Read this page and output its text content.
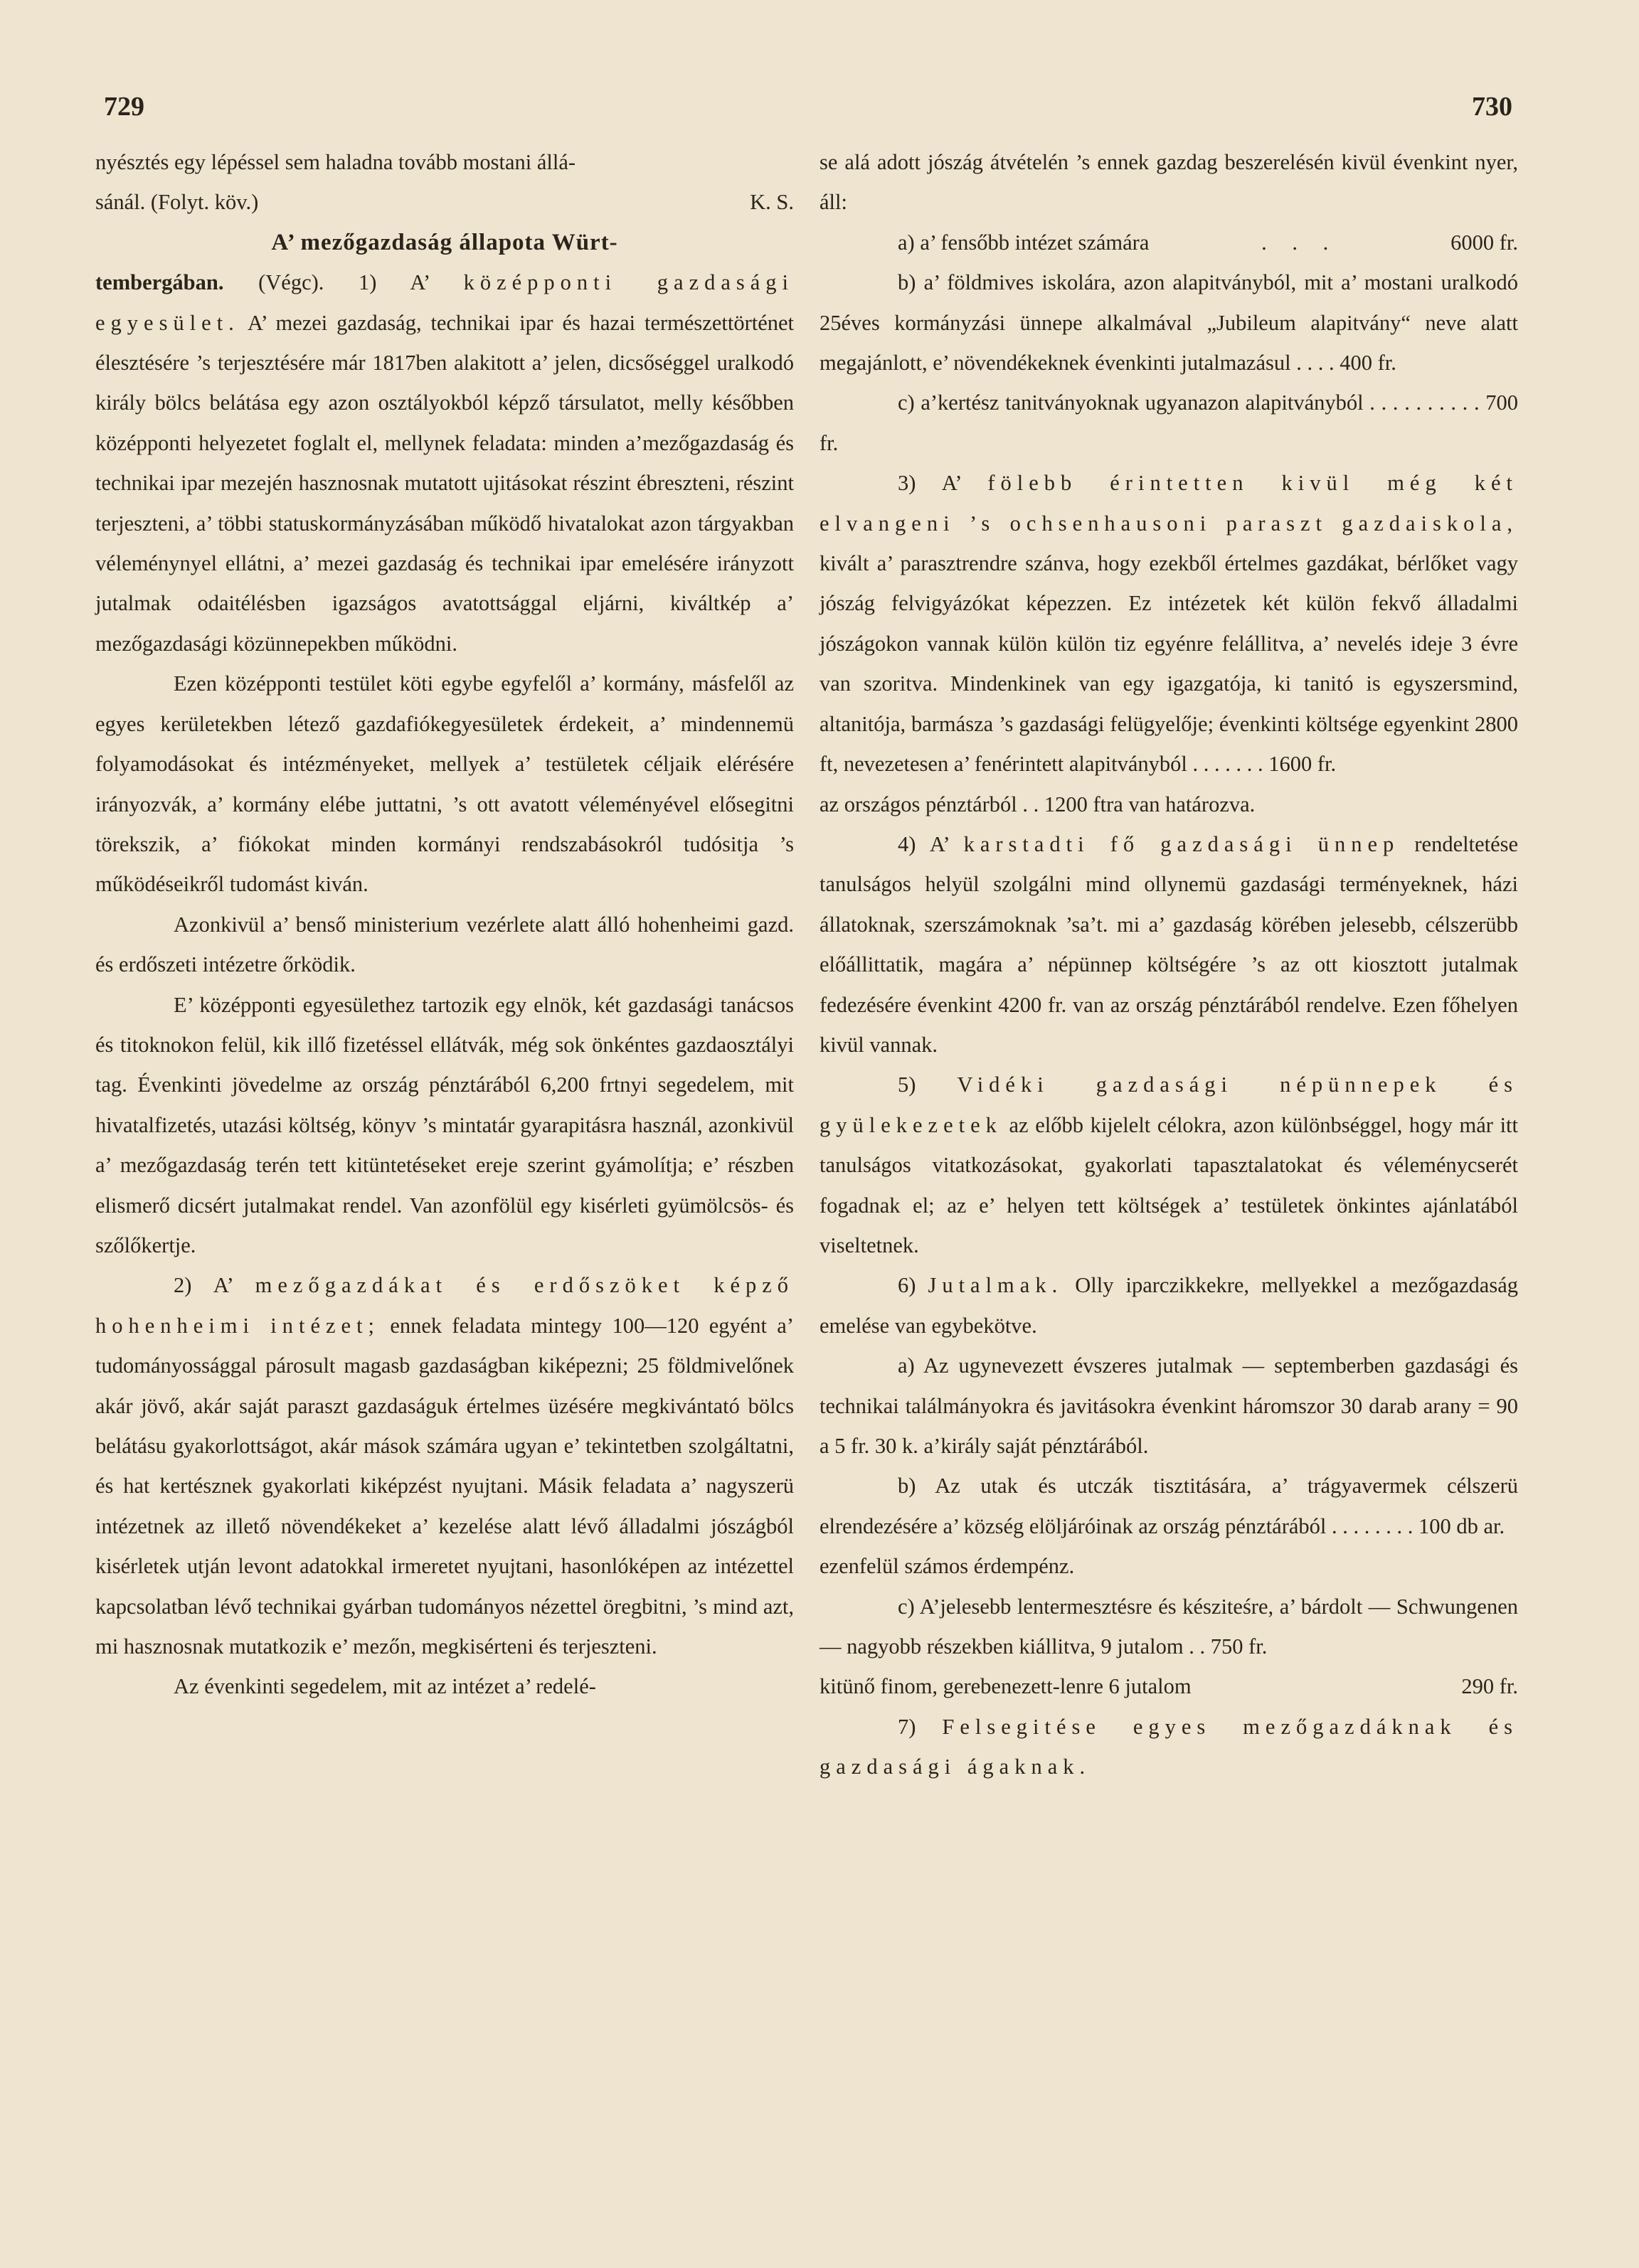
729	730

nyésztés egy lépéssel sem haladna tovább mostani állá-

sánál. (Folyt. köv.)	K. S.

A’ mezőgazdaság állapota Würt-

tembergában. (Végc). 1) A’ középponti gazdasági egyesület. A’ mezei gazdaság, technikai ipar és hazai természettörténet élesztésére ’s terjesztésére már 1817ben alakitott a’ jelen, dicsőséggel uralkodó király bölcs belátása egy azon osztályokból képző társulatot, melly későbben középponti helyezetet foglalt el, mellynek feladata: minden a’mezőgazdaság és technikai ipar mezején hasznosnak mutatott ujitásokat részint ébreszteni, részint terjeszteni, a’ többi statuskormányzásában működő hivatalokat azon tárgyakban véleménynyel ellátni, a’ mezei gazdaság és technikai ipar emelésére irányzott jutalmak odaitélésben igazságos avatottsággal eljárni, kiváltkép a’ mezőgazdasági közünnepekben működni.

Ezen középponti testület köti egybe egyfelől a’ kormány, másfelől az egyes kerületekben létező gazdafiókegyesületek érdekeit, a’ mindennemü folyamodásokat és intézményeket, mellyek a’ testületek céljaik elérésére irányozvák, a’ kormány elébe juttatni, ’s ott avatott véleményével elősegitni törekszik, a’ fiókokat minden kormányi rendszabásokról tudósitja ’s működéseikről tudomást kiván.

Azonkivül a’ benső ministerium vezérlete alatt álló hohenheimi gazd. és erdőszeti intézetre őrködik.

E’ középponti egyesülethez tartozik egy elnök, két gazdasági tanácsos és titoknokon felül, kik illő fizetéssel ellátvák, még sok önkéntes gazdaosztályi tag. Évenkinti jövedelme az ország pénztárából 6,200 frtnyi segedelem, mit hivatalfizetés, utazási költség, könyv ’s mintatár gyarapitásra használ, azonkivül a’ mezőgazdaság terén tett kitüntetéseket ereje szerint gyámolítja; e’ részben elismerő dicsért jutalmakat rendel. Van azonfölül egy kisérleti gyümölcsös- és szőlőkertje.

2) A’ mezőgazdákat és erdőszöket képző hohenheimi intézet; ennek feladata mintegy 100—120 egyént a’ tudományossággal párosult magasb gazdaságban kiképezni; 25 földmivelőnek akár jövő, akár saját paraszt gazdaságuk értelmes üzésére megkivántató bölcs belátásu gyakorlottságot, akár mások számára ugyan e’ tekintetben szolgáltatni, és hat kertésznek gyakorlati kiképzést nyujtani. Másik feladata a’ nagyszerü intézetnek az illető növendékeket a’ kezelése alatt lévő álladalmi jószágból kisérletek utján levont adatokkal irmeretet nyujtani, hasonlóképen az intézettel kapcsolatban lévő technikai gyárban tudományos nézettel öregbitni, ’s mind azt, mi hasznosnak mutatkozik e’ mezőn, megkisérteni és terjeszteni.

Az évenkinti segedelem, mit az intézet a’ redelé-

se alá adott jószág átvételén ’s ennek gazdag beszerelésén kivül évenkint nyer, áll:

a) a’ fensőbb intézet számára	. . .	6000 fr.

b) a’ földmives iskolára, azon alapitványból, mit a’ mostani uralkodó 25éves kormányzási ünnepe alkalmával „Jubileum alapitvány“ neve alatt megajánlott, e’ növendékeknek évenkinti jutalmazásul . . . . 400 fr.

c) a’kertész tanitványoknak ugyanazon alapitványból . . . . . . . . . . 700 fr.

3) A’ fölebb érintetten kivül még két elvangeni ’s ochsenhausoni paraszt gazdaiskola, kivált a’ parasztrendre szánva, hogy ezekből értelmes gazdákat, bérlőket vagy jószág felvigyázókat képezzen. Ez intézetek két külön fekvő álladalmi jószágokon vannak külön külön tiz egyénre felállitva, a’ nevelés ideje 3 évre van szoritva. Mindenkinek van egy igazgatója, ki tanitó is egyszersmind, altanitója, barmásza ’s gazdasági felügyelője; évenkinti költsége egyenkint 2800 ft, nevezetesen a’ fenérintett alapitványból . . . . . . . 1600 fr.

az országos pénztárból . . 1200 ftra van határozva.

4) A’ karstadti fő gazdasági ünnep rendeltetése tanulságos helyül szolgálni mind ollynemü gazdasági terményeknek, házi állatoknak, szerszámoknak ’sa’t. mi a’ gazdaság körében jelesebb, célszerübb előállittatik, magára a’ népünnep költségére ’s az ott kiosztott jutalmak fedezésére évenkint 4200 fr. van az ország pénztárából rendelve. Ezen főhelyen kivül vannak.

5) Vidéki gazdasági népünnepek és gyülekezetek az előbb kijelelt célokra, azon különbséggel, hogy már itt tanulságos vitatkozásokat, gyakorlati tapasztalatokat és véleménycserét fogadnak el; az e’ helyen tett költségek a’ testületek önkintes ajánlatából viseltetnek.

6) Jutalmak. Olly iparczikkekre, mellyekkel a mezőgazdaság emelése van egybekötve.

a) Az ugynevezett évszeres jutalmak — septemberben gazdasági és technikai találmányokra és javitásokra évenkint háromszor 30 darab arany = 90 a 5 fr. 30 k. a’király saját pénztárából.

b) Az utak és utczák tisztitására, a’ trágyavermek célszerü elrendezésére a’ község elöljáróinak az ország pénztárából . . . . . . . . 100 db ar.

ezenfelül számos érdempénz.

c) A’jelesebb lentermesztésre és késziteśre, a’ bárdolt — Schwungenen— nagyobb részekben kiállitva, 9 jutalom . . 750 fr.

kitünő finom, gerebenezett-lenre 6 jutalom	290 fr.

7) Felsegitése egyes mezőgazdáknak és gazdasági ágaknak.
